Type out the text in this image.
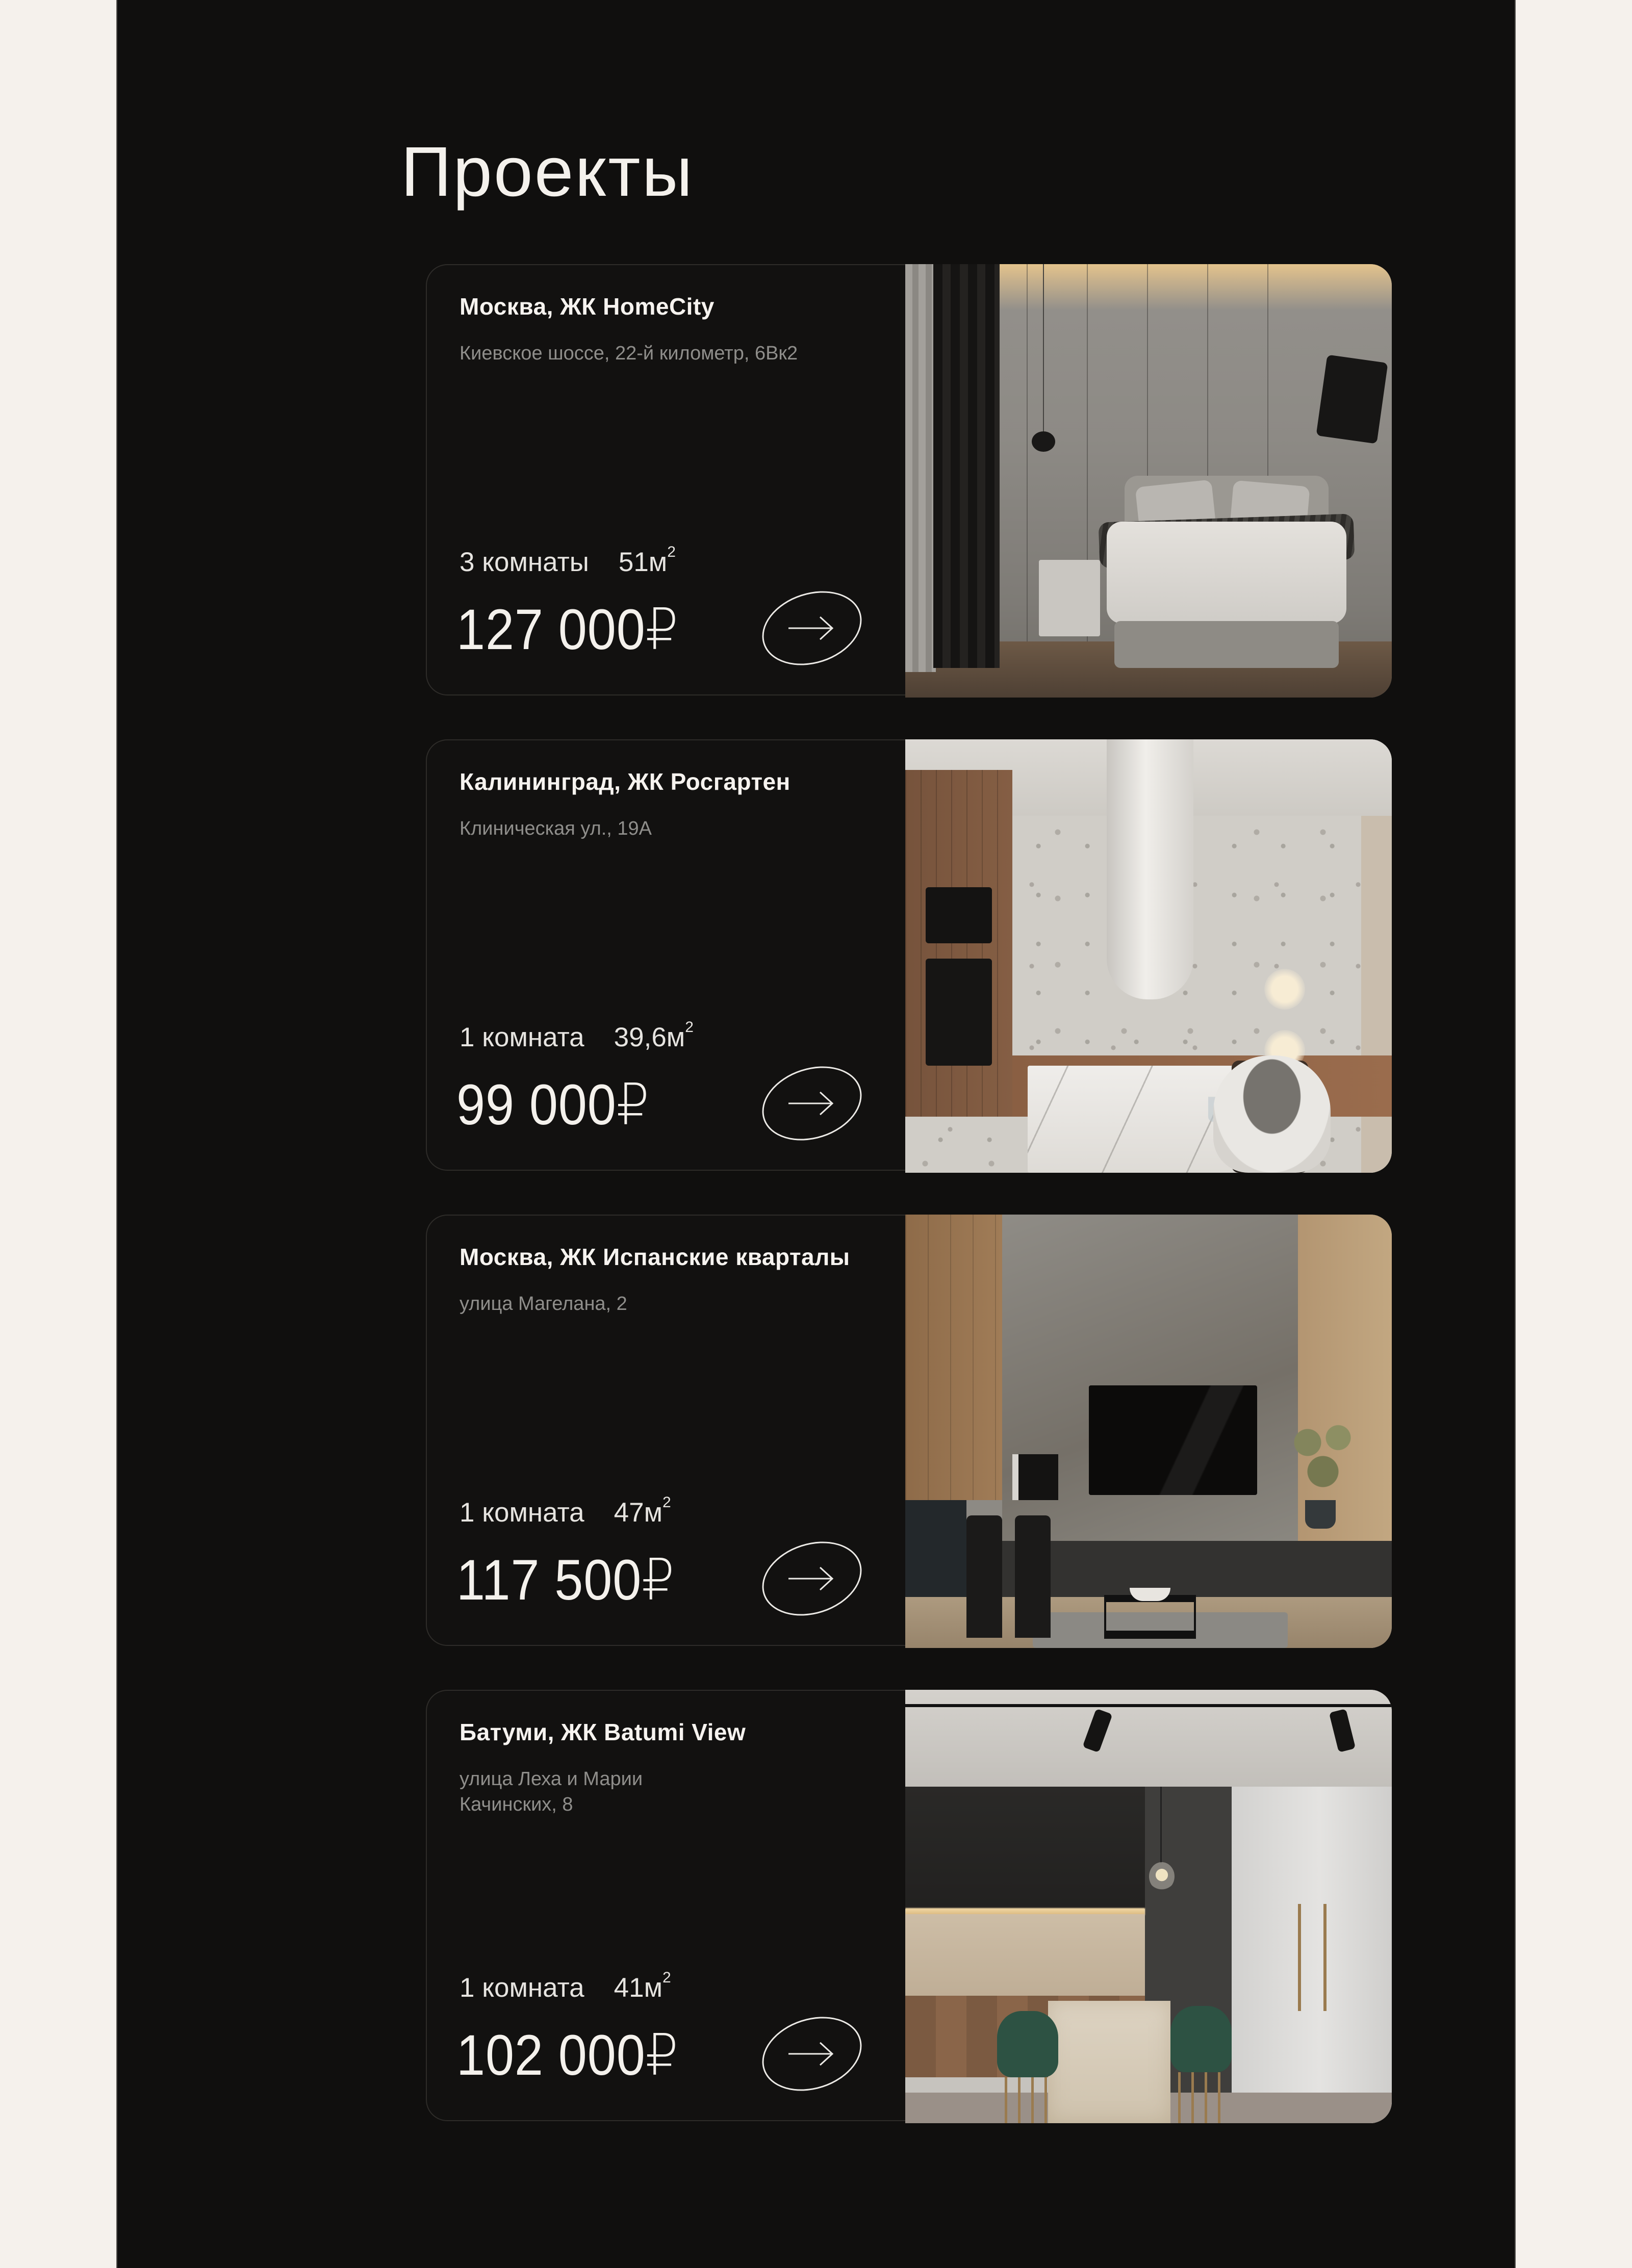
Проекты
Москва, ЖК HomeCity
Киевское шоссе, 22-й километр, 6Вк2
3 комнаты $51м^2$
127 000₽
Калининград, ЖК Росгартен
Клиническая ул., 19А
1 комната $39,6м^2$
99 000₽
Москва, ЖК Испанские кварталы
улица Магелана, 2
1 комната $47м^2$
117 500₽
Батуми, ЖК Batumi View
улица Леха и Марии
Качинских, 8
1 комната $41м^2$
102 000₽
